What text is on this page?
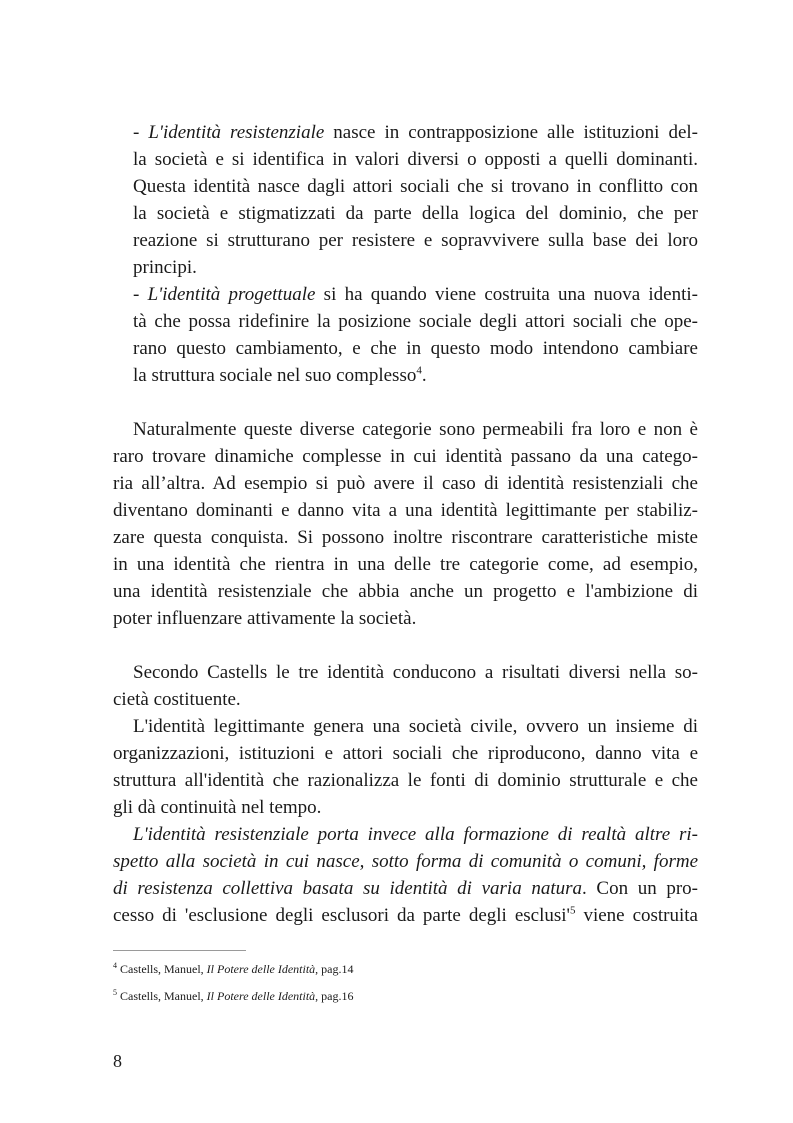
- L'identità resistenziale nasce in contrapposizione alle istituzioni del-
la società e si identifica in valori diversi o opposti a quelli dominanti.
Questa identità nasce dagli attori sociali che si trovano in conflitto con
la società e stigmatizzati da parte della logica del dominio, che per
reazione si strutturano per resistere e sopravvivere sulla base dei loro
principi.
- L'identità progettuale si ha quando viene costruita una nuova identi-
tà che possa ridefinire la posizione sociale degli attori sociali che ope-
rano questo cambiamento, e che in questo modo intendono cambiare
la struttura sociale nel suo complesso$^4$.
Naturalmente queste diverse categorie sono permeabili fra loro e non è
raro trovare dinamiche complesse in cui identità passano da una catego-
ria all’altra. Ad esempio si può avere il caso di identità resistenziali che
diventano dominanti e danno vita a una identità legittimante per stabiliz-
zare questa conquista. Si possono inoltre riscontrare caratteristiche miste
in una identità che rientra in una delle tre categorie come, ad esempio,
una identità resistenziale che abbia anche un progetto e l'ambizione di
poter influenzare attivamente la società.
Secondo Castells le tre identità conducono a risultati diversi nella so-
cietà costituente.
L'identità legittimante genera una società civile, ovvero un insieme di
organizzazioni, istituzioni e attori sociali che riproducono, danno vita e
struttura all'identità che razionalizza le fonti di dominio strutturale e che
gli dà continuità nel tempo.
L'identità resistenziale porta invece alla formazione di realtà altre ri-
spetto alla società in cui nasce, sotto forma di comunità o comuni, forme
di resistenza collettiva basata su identità di varia natura. Con un pro-
cesso di 'esclusione degli esclusori da parte degli $esclusi'^5$ viene costruita
$^4$ Castells, Manuel, Il Potere delle Identità, pag.14
$^5$ Castells, Manuel, Il Potere delle Identità, pag.16
8
